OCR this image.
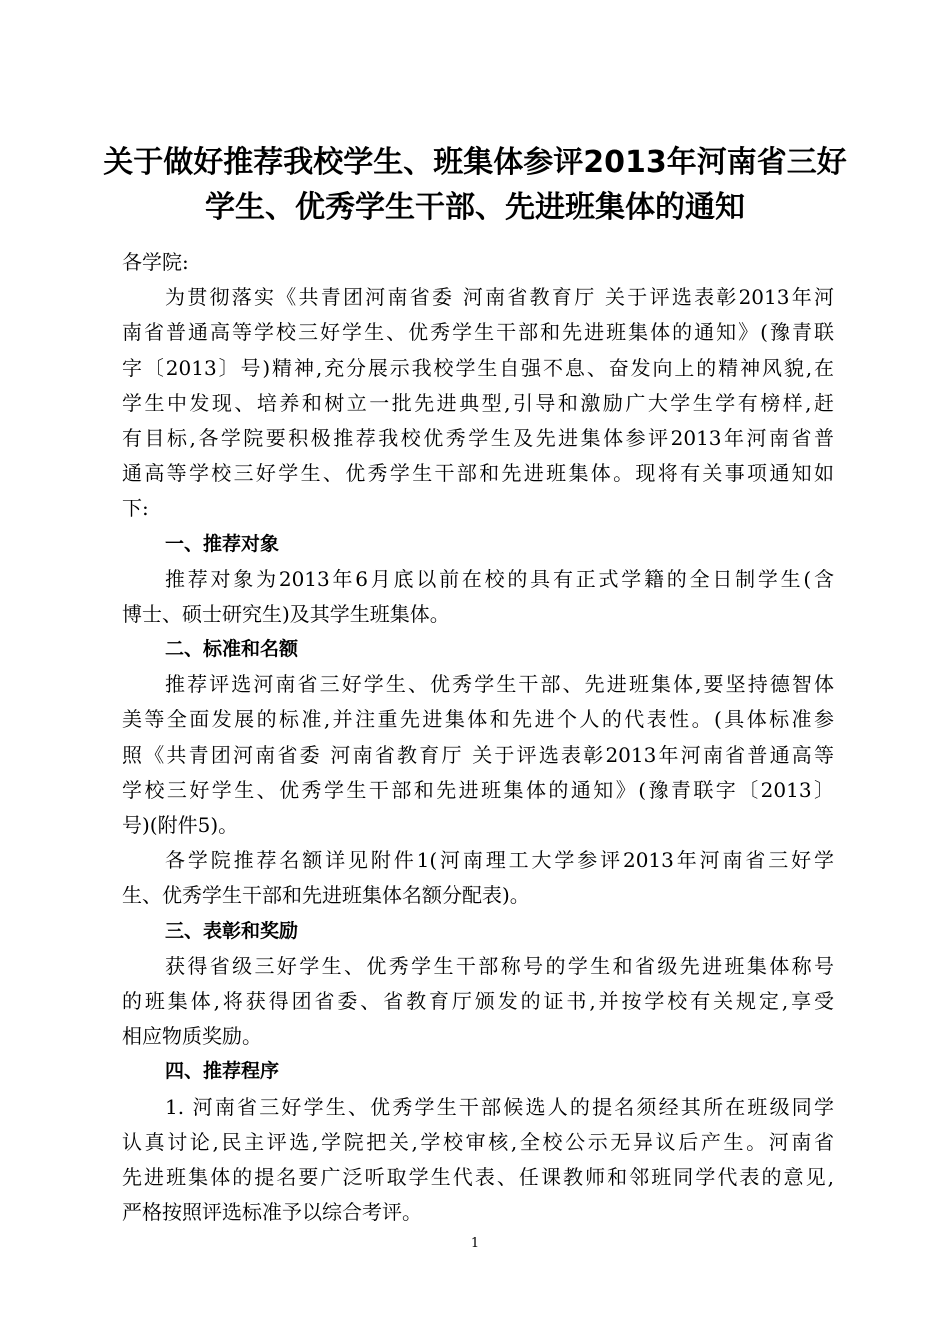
关于做好推荐我校学生、班集体参评2013年河南省三好
学生、优秀学生干部、先进班集体的通知
各学院:
为贯彻落实《共青团河南省委 河南省教育厅 关于评选表彰2013年河
南省普通高等学校三好学生、优秀学生干部和先进班集体的通知》(豫青联
字〔2013〕号)精神,充分展示我校学生自强不息、奋发向上的精神风貌,在
学生中发现、培养和树立一批先进典型,引导和激励广大学生学有榜样,赶
有目标,各学院要积极推荐我校优秀学生及先进集体参评2013年河南省普
通高等学校三好学生、优秀学生干部和先进班集体。现将有关事项通知如
下:
一、推荐对象
推荐对象为2013年6月底以前在校的具有正式学籍的全日制学生(含
博士、硕士研究生)及其学生班集体。
二、标准和名额
推荐评选河南省三好学生、优秀学生干部、先进班集体,要坚持德智体
美等全面发展的标准,并注重先进集体和先进个人的代表性。(具体标准参
照《共青团河南省委 河南省教育厅 关于评选表彰2013年河南省普通高等
学校三好学生、优秀学生干部和先进班集体的通知》(豫青联字〔2013〕
号)(附件5)。
各学院推荐名额详见附件1(河南理工大学参评2013年河南省三好学
生、优秀学生干部和先进班集体名额分配表)。
三、表彰和奖励
获得省级三好学生、优秀学生干部称号的学生和省级先进班集体称号
的班集体,将获得团省委、省教育厅颁发的证书,并按学校有关规定,享受
相应物质奖励。
四、推荐程序
1. 河南省三好学生、优秀学生干部候选人的提名须经其所在班级同学
认真讨论,民主评选,学院把关,学校审核,全校公示无异议后产生。河南省
先进班集体的提名要广泛听取学生代表、任课教师和邻班同学代表的意见,
严格按照评选标准予以综合考评。
1
